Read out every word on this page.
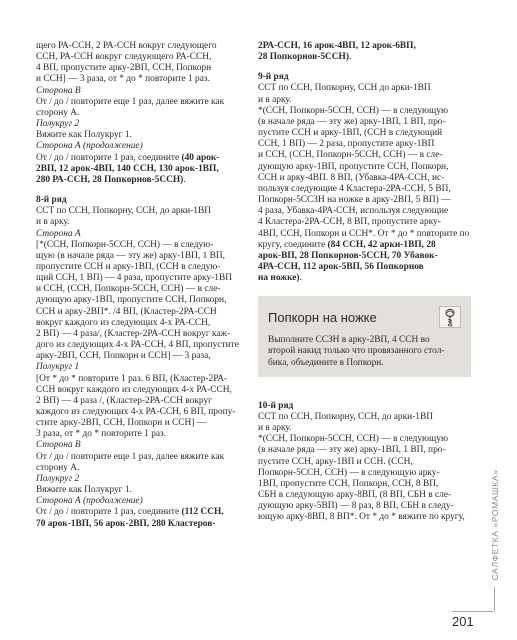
щего РА-ССН, 2 РА-ССН вокруг следующего

ССН, РА-ССН вокруг следующего РА-ССН,

4 ВП, пропустите арку-2ВП, ССН, Попкорн

и ССН] — 3 раза, от * до * повторите 1 раз.

Сторона В

От / до / повторите еще 1 раз, далее вяжите как

сторону А.

Полукруг 2

Вяжите как Полукруг 1.

Сторона А (продолжение)

От / до / повторите 1 раз, соедините (40 арок-

2ВП, 12 арок-4ВП, 140 ССН, 130 арок-1ВП,

280 РА-ССН, 28 Попкорнов-5ССН).

8-й ряд

ССТ по ССН, Попкорну, ССН, до арки-1ВП

и в арку.

Сторона А

[*(ССН, Попкорн-5ССН, ССН) — в следую-

щую (в начале ряда — эту же) арку-1ВП, 1 ВП,

пропустите ССН и арку-1ВП, (ССН в следую-

щий ССН, 1 ВП) — 4 раза, пропустите арку-1ВП

и ССН, (ССН, Попкорн-5ССН, ССН) — в сле-

дующую арку-1ВП, пропустите ССН, Попкорн,

ССН и арку-2ВП*. /4 ВП, (Кластер-2РА-ССН

вокруг каждого из следующих 4-х РА-ССН,

2 ВП) — 4 раза/, (Кластер-2РА-ССН вокруг каж-

дого из следующих 4-х РА-ССН, 4 ВП, пропустите

арку-2ВП, ССН, Попкорн и ССН] — 3 раза,

Полукруг 1

[От * до * повторите 1 раз. 6 ВП, (Кластер-2РА-

ССН вокруг каждого из следующих 4-х РА-ССН,

2 ВП) — 4 раза /, (Кластер-2РА-ССН вокруг

каждого из следующих 4-х РА-ССН, 6 ВП, пропу-

стите арку-2ВП, ССН, Попкорн и ССН] —

3 раза, от * до * повторите 1 раз.

Сторона В

От / до / повторите еще 1 раз, далее вяжите как

сторону А.

Полукруг 2

Вяжите как Полукруг 1.

Сторона А (продолжение)

От / до / повторите 1 раз, соедините (112 ССН,

70 арок-1ВП, 56 арок-2ВП, 280 Кластеров-

2РА-ССН, 16 арок-4ВП, 12 арок-6ВП,

28 Попкорнов-5ССН).

9-й ряд

ССТ по ССН, Попкорну, ССН до арки-1ВП

и в арку.

*(ССН, Попкорн-5ССН, ССН) — в следующую

(в начале ряда — эту же) арку-1ВП, 1 ВП, про-

пустите ССН и арку-1ВП, (ССН в следующий

ССН, 1 ВП) — 2 раза, пропустите арку-1ВП

и ССН, (ССН, Попкорн-5ССН, ССН) — в сле-

дующую арку-1ВП, пропустите ССН, Попкорн,

ССН и арку-4ВП. 8 ВП, (Убавка-4РА-ССН, ис-

пользуя следующие 4 Кластера-2РА-ССН, 5 ВП,

Попкорн-5ССЗН на ножке в арку-2ВП, 5 ВП) —

4 раза, Убавка-4РА-ССН, используя следующие

4 Кластера-2РА-ССН, 8 ВП, пропустите арку-

4ВП, ССН, Попкорн и ССН*. От * до * повторите по

кругу, соедините (84 ССН, 42 арки-1ВП, 28

арок-ВП, 28 Попкорнов-5ССН, 70 Убавок-

4РА-ССН, 112 арок-5ВП, 56 Попкорнов

на ножке).

Попкорн на ножке

Выполните ССЗН в арку-2ВП, 4 ССН во

второй накид только что провязанного стол-

бика, объедините в Попкорн.

10-й ряд

ССТ по ССН, Попкорну, ССН, до арки-1ВП

и в арку.

*(ССН, Попкорн-5ССН, ССН) — в следующую

(в начале ряда — эту же) арку-1ВП, 1 ВП, про-

пустите ССН, арку-1ВП и ССН. (ССН,

Попкорн-5ССН, ССН) — в следующую арку-

1ВП, пропустите ССН, Попкорн, ССН, 8 ВП,

СБН в следующую арку-8ВП, (8 ВП, СБН в сле-

дующую арку-5ВП) — 8 раз, 8 ВП, СБН в следу-

ющую арку-8ВП, 8 ВП*. От * до * вяжите по кругу,	САЛФЕТКА «РОМАШКА»
201
